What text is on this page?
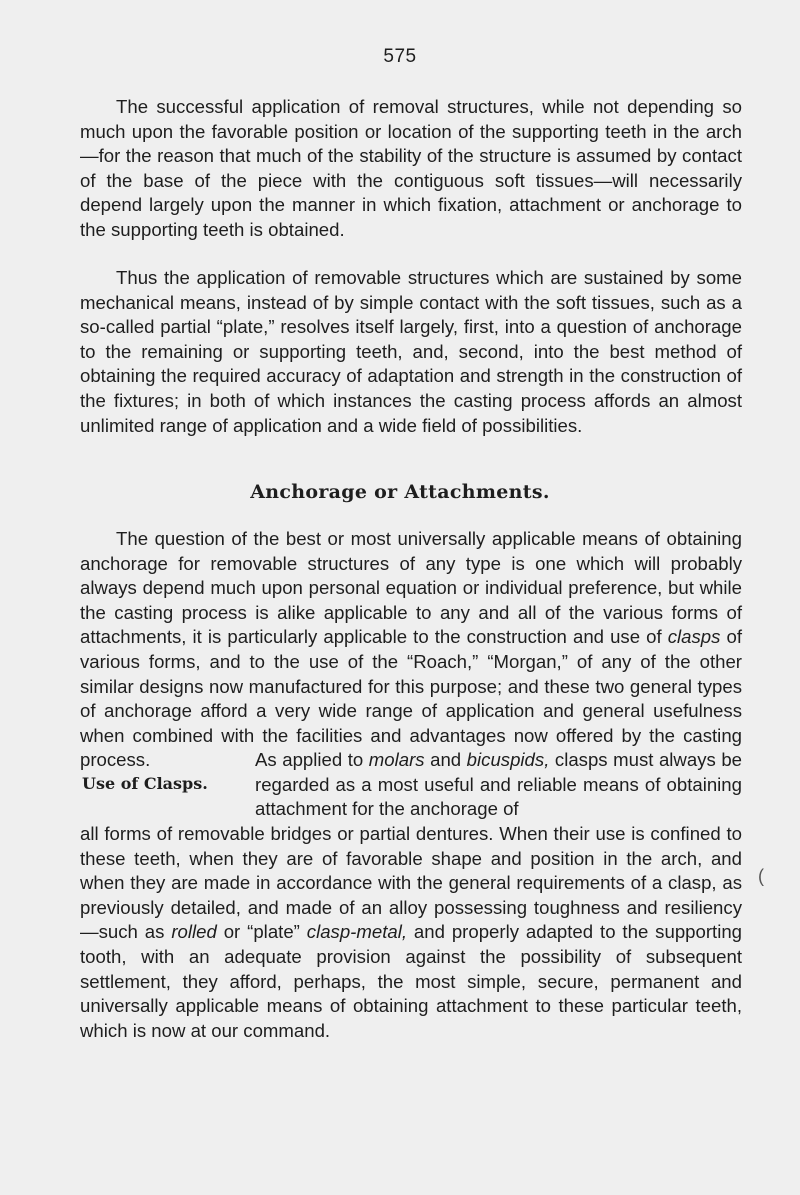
575

The successful application of removal structures, while not depending so much upon the favorable position or location of the supporting teeth in the arch—for the reason that much of the stability of the structure is assumed by contact of the base of the piece with the contiguous soft tissues—will necessarily depend largely upon the manner in which fixation, attachment or anchorage to the supporting teeth is obtained.

Thus the application of removable structures which are sustained by some mechanical means, instead of by simple contact with the soft tissues, such as a so-called partial “plate,” resolves itself largely, first, into a question of anchorage to the remaining or supporting teeth, and, second, into the best method of obtaining the required accuracy of adaptation and strength in the construction of the fixtures; in both of which instances the casting process affords an almost unlimited range of application and a wide field of possibilities.

Anchorage or Attachments.

The question of the best or most universally applicable means of obtaining anchorage for removable structures of any type is one which will probably always depend much upon personal equation or individual preference, but while the casting process is alike applicable to any and all of the various forms of attachments, it is particularly applicable to the construction and use of clasps of various forms, and to the use of the “Roach,” “Morgan,” of any of the other similar designs now manufactured for this purpose; and these two general types of anchorage afford a very wide range of application and general usefulness when combined with the facilities and advantages now offered by the casting process.

Use of Clasps.

As applied to molars and bicuspids, clasps must always be regarded as a most useful and reliable means of obtaining attachment for the anchorage of

all forms of removable bridges or partial dentures. When their use is confined to these teeth, when they are of favorable shape and position in the arch, and when they are made in accordance with the general requirements of a clasp, as previously detailed, and made of an alloy possessing toughness and resiliency—such as rolled or “plate” clasp-metal, and properly adapted to the supporting tooth, with an adequate provision against the possibility of subsequent settlement, they afford, perhaps, the most simple, secure, permanent and universally applicable means of obtaining attachment to these particular teeth, which is now at our command.

(
